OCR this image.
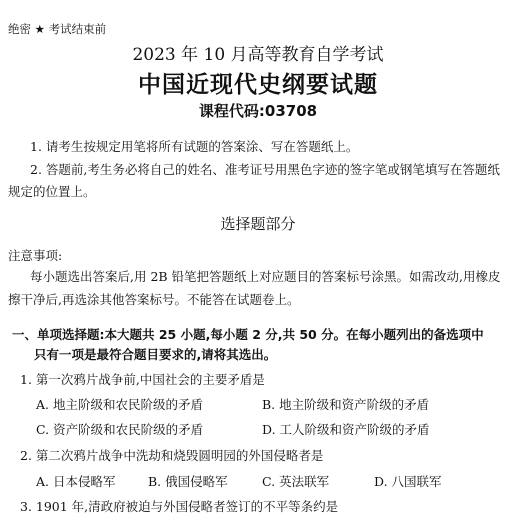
绝密 ★ 考试结束前
2023 年 10 月高等教育自学考试
中国近现代史纲要试题
课程代码:03708
1. 请考生按规定用笔将所有试题的答案涂、写在答题纸上。
2. 答题前,考生务必将自己的姓名、准考证号用黑色字迹的签字笔或钢笔填写在答题纸
规定的位置上。
选择题部分
注意事项:
每小题选出答案后,用 2B 铅笔把答题纸上对应题目的答案标号涂黑。如需改动,用橡皮
擦干净后,再选涂其他答案标号。不能答在试题卷上。
一、单项选择题:本大题共 25 小题,每小题 2 分,共 50 分。在每小题列出的备选项中
只有一项是最符合题目要求的,请将其选出。
1. 第一次鸦片战争前,中国社会的主要矛盾是
A. 地主阶级和农民阶级的矛盾	B. 地主阶级和资产阶级的矛盾
C. 资产阶级和农民阶级的矛盾	D. 工人阶级和资产阶级的矛盾
2. 第二次鸦片战争中洗劫和烧毁圆明园的外国侵略者是
A. 日本侵略军	B. 俄国侵略军	C. 英法联军	D. 八国联军
3. 1901 年,清政府被迫与外国侵略者签订的不平等条约是
